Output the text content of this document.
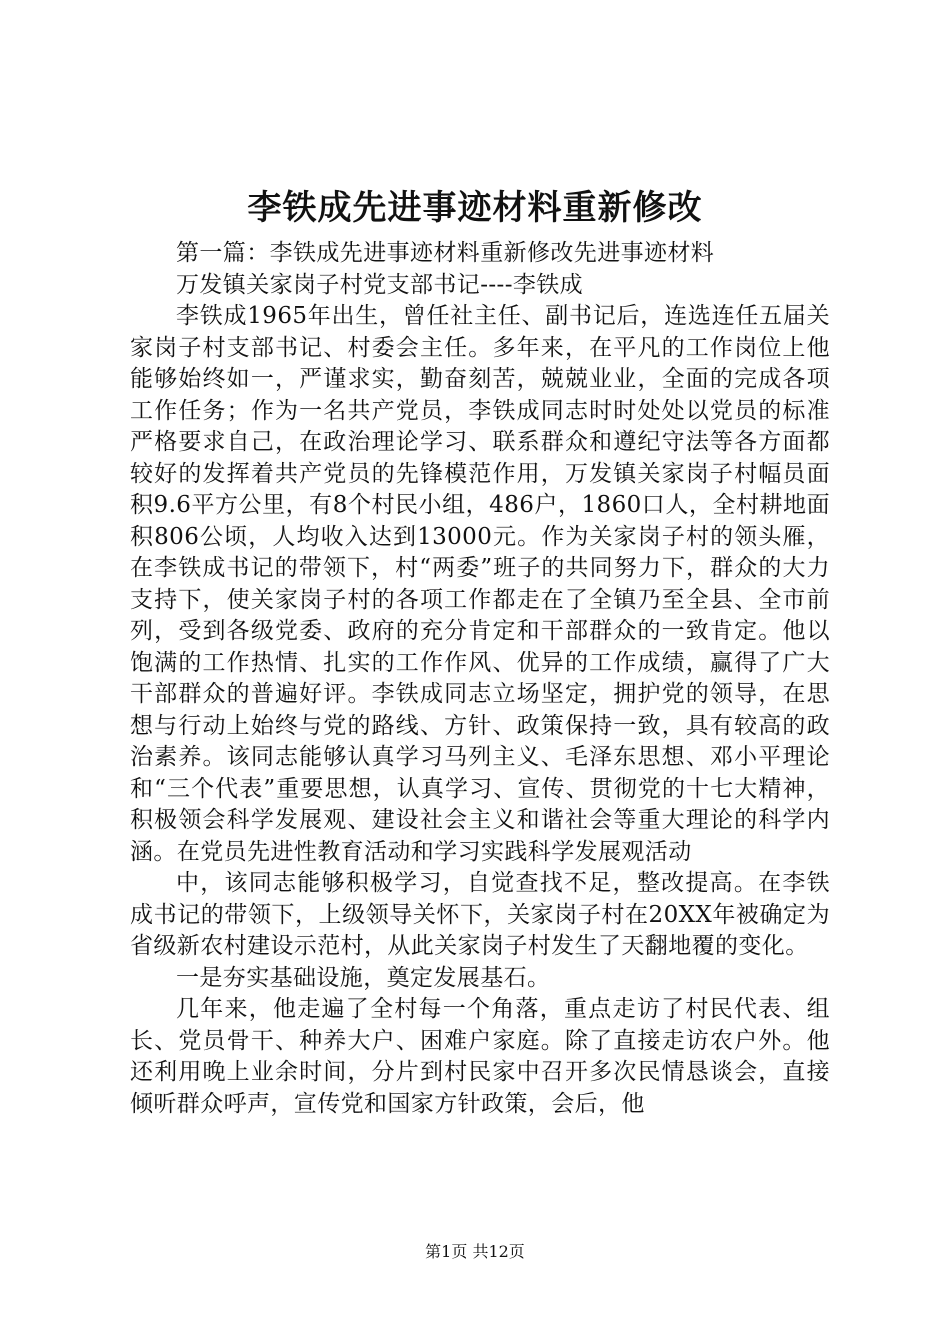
李铁成先进事迹材料重新修改

第一篇：李铁成先进事迹材料重新修改先进事迹材料

万发镇关家岗子村党支部书记----李铁成

李铁成1965年出生，曾任社主任、副书记后，连选连任五届关家岗子村支部书记、村委会主任。多年来，在平凡的工作岗位上他能够始终如一，严谨求实，勤奋刻苦，兢兢业业，全面的完成各项工作任务；作为一名共产党员，李铁成同志时时处处以党员的标准严格要求自己，在政治理论学习、联系群众和遵纪守法等各方面都较好的发挥着共产党员的先锋模范作用，万发镇关家岗子村幅员面积9.6平方公里，有8个村民小组，486户，1860口人，全村耕地面积806公顷，人均收入达到13000元。作为关家岗子村的领头雁，在李铁成书记的带领下，村“两委”班子的共同努力下，群众的大力支持下，使关家岗子村的各项工作都走在了全镇乃至全县、全市前列，受到各级党委、政府的充分肯定和干部群众的一致肯定。他以饱满的工作热情、扎实的工作作风、优异的工作成绩，赢得了广大干部群众的普遍好评。李铁成同志立场坚定，拥护党的领导，在思想与行动上始终与党的路线、方针、政策保持一致，具有较高的政治素养。该同志能够认真学习马列主义、毛泽东思想、邓小平理论和“三个代表”重要思想，认真学习、宣传、贯彻党的十七大精神，积极领会科学发展观、建设社会主义和谐社会等重大理论的科学内涵。在党员先进性教育活动和学习实践科学发展观活动

中，该同志能够积极学习，自觉查找不足，整改提高。在李铁成书记的带领下，上级领导关怀下，关家岗子村在20XX年被确定为省级新农村建设示范村，从此关家岗子村发生了天翻地覆的变化。

一是夯实基础设施，奠定发展基石。

几年来，他走遍了全村每一个角落，重点走访了村民代表、组长、党员骨干、种养大户、困难户家庭。除了直接走访农户外。他还利用晚上业余时间，分片到村民家中召开多次民情恳谈会，直接倾听群众呼声，宣传党和国家方针政策，会后，他

第1页 共12页
